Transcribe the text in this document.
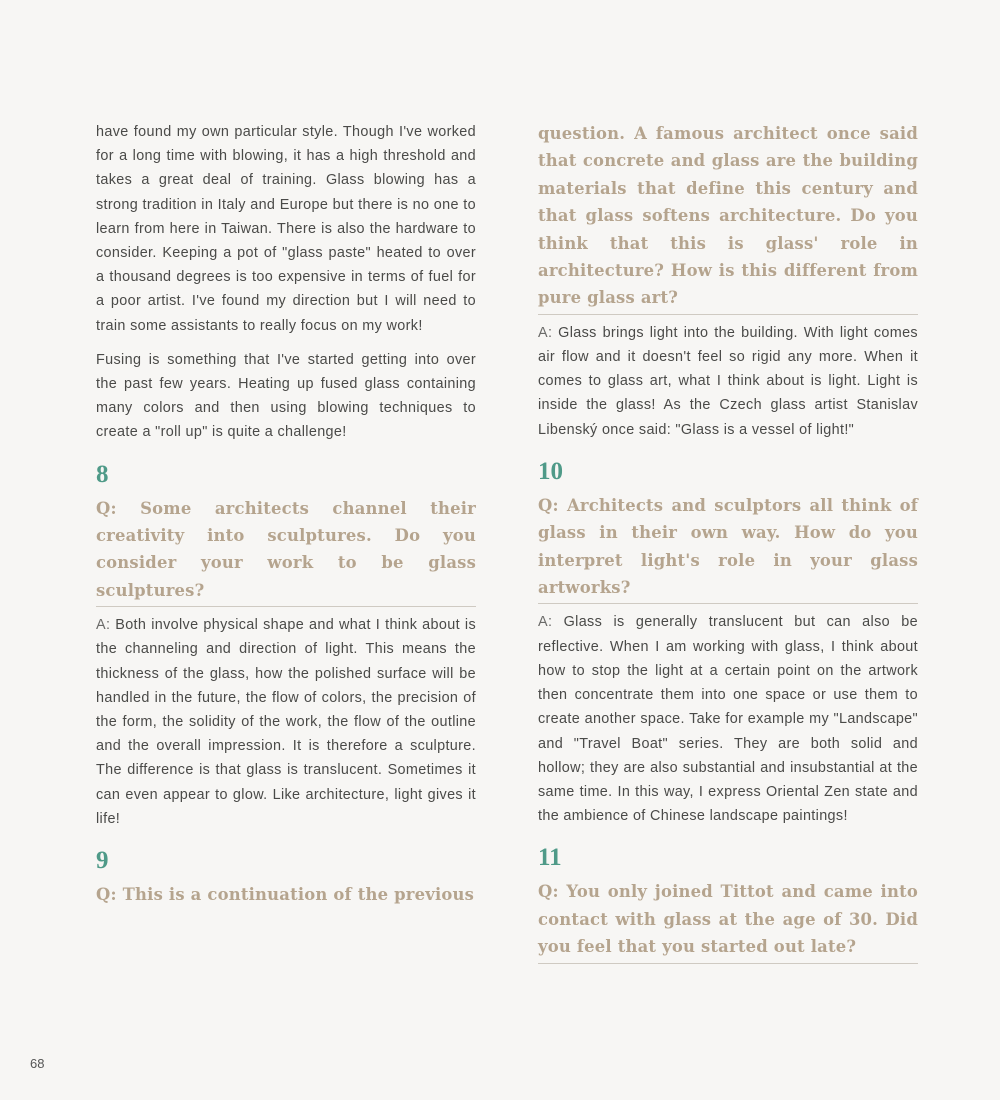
have found my own particular style. Though I've worked for a long time with blowing, it has a high threshold and takes a great deal of training. Glass blowing has a strong tradition in Italy and Europe but there is no one to learn from here in Taiwan. There is also the hardware to consider. Keeping a pot of "glass paste" heated to over a thousand degrees is too expensive in terms of fuel for a poor artist. I've found my direction but I will need to train some assistants to really focus on my work!

Fusing is something that I've started getting into over the past few years. Heating up fused glass containing many colors and then using blowing techniques to create a "roll up" is quite a challenge!

8
Q: Some architects channel their creativity into sculptures. Do you consider your work to be glass sculptures?

A: Both involve physical shape and what I think about is the channeling and direction of light. This means the thickness of the glass, how the polished surface will be handled in the future, the flow of colors, the precision of the form, the solidity of the work, the flow of the outline and the overall impression. It is therefore a sculpture. The difference is that glass is translucent. Sometimes it can even appear to glow. Like architecture, light gives it life!

9
Q: This is a continuation of the previous
question. A famous architect once said that concrete and glass are the building materials that define this century and that glass softens architecture. Do you think that this is glass' role in architecture? How is this different from pure glass art?

A: Glass brings light into the building. With light comes air flow and it doesn't feel so rigid any more. When it comes to glass art, what I think about is light. Light is inside the glass! As the Czech glass artist Stanislav Libenský once said: "Glass is a vessel of light!"

10
Q: Architects and sculptors all think of glass in their own way. How do you interpret light's role in your glass artworks?

A: Glass is generally translucent but can also be reflective. When I am working with glass, I think about how to stop the light at a certain point on the artwork then concentrate them into one space or use them to create another space. Take for example my "Landscape" and "Travel Boat" series. They are both solid and hollow; they are also substantial and insubstantial at the same time. In this way, I express Oriental Zen state and the ambience of Chinese landscape paintings!

11
Q: You only joined Tittot and came into contact with glass at the age of 30. Did you feel that you started out late?
68
